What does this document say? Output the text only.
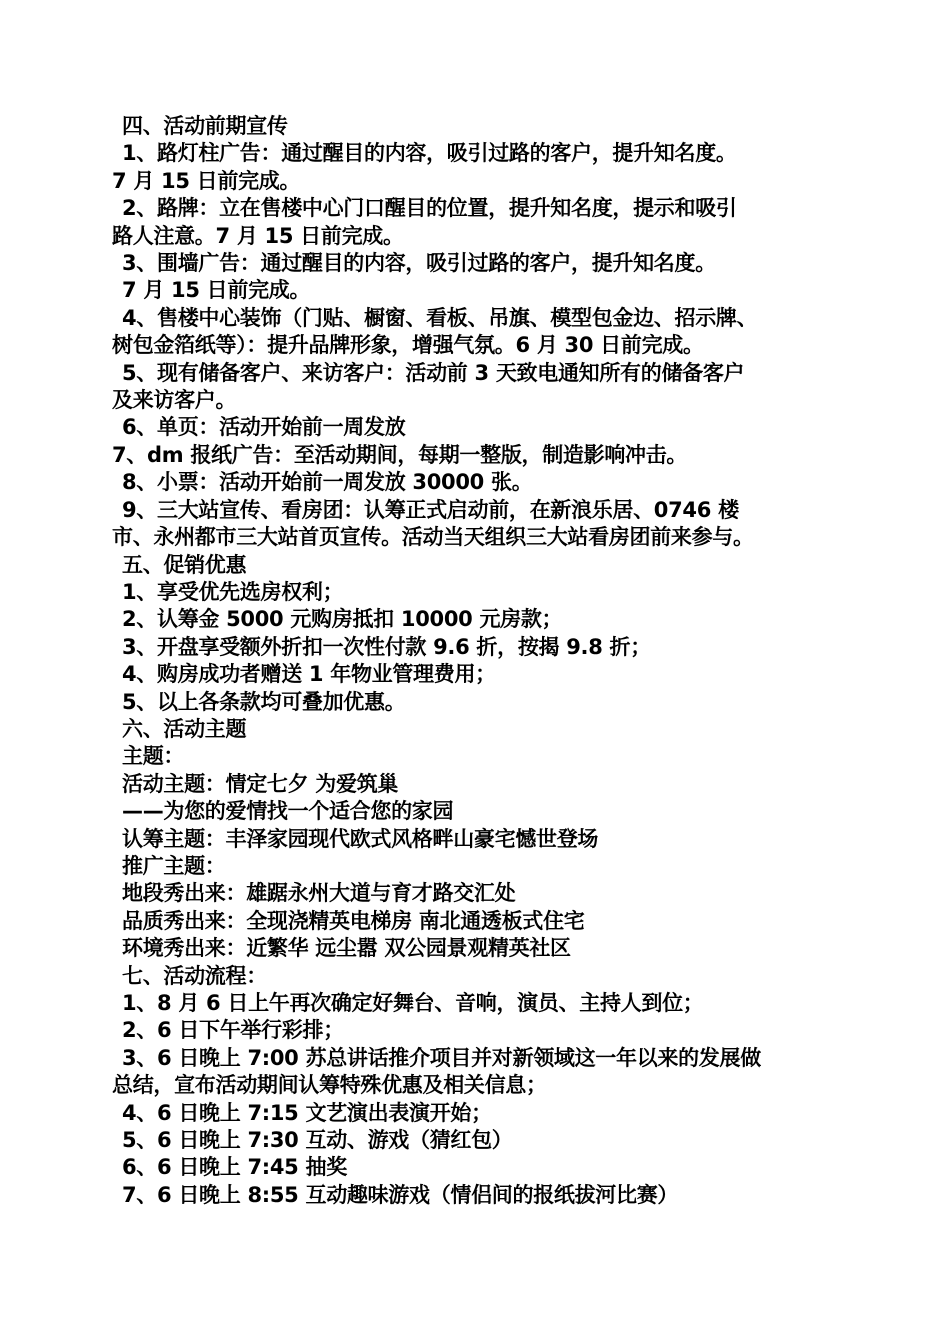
四、活动前期宣传
1、路灯柱广告：通过醒目的内容，吸引过路的客户，提升知名度。
7 月 15 日前完成。
2、路牌：立在售楼中心门口醒目的位置，提升知名度，提示和吸引
路人注意。7 月 15 日前完成。
3、围墙广告：通过醒目的内容，吸引过路的客户，提升知名度。
7 月 15 日前完成。
4、售楼中心装饰（门贴、橱窗、看板、吊旗、模型包金边、招示牌、
树包金箔纸等）：提升品牌形象，增强气氛。6 月 30 日前完成。
5、现有储备客户、来访客户：活动前 3 天致电通知所有的储备客户
及来访客户。
6、单页：活动开始前一周发放
7、dm 报纸广告：至活动期间，每期一整版，制造影响冲击。
8、小票：活动开始前一周发放 30000 张。
9、三大站宣传、看房团：认筹正式启动前，在新浪乐居、0746 楼
市、永州都市三大站首页宣传。活动当天组织三大站看房团前来参与。
五、促销优惠
1、享受优先选房权利；
2、认筹金 5000 元购房抵扣 10000 元房款；
3、开盘享受额外折扣一次性付款 9.6 折，按揭 9.8 折；
4、购房成功者赠送 1 年物业管理费用；
5、以上各条款均可叠加优惠。
六、活动主题
主题：
活动主题：情定七夕 为爱筑巢
——为您的爱情找一个适合您的家园
认筹主题：丰泽家园现代欧式风格畔山豪宅憾世登场
推广主题：
地段秀出来：雄踞永州大道与育才路交汇处
品质秀出来：全现浇精英电梯房 南北通透板式住宅
环境秀出来：近繁华 远尘嚣 双公园景观精英社区
七、活动流程：
1、8 月 6 日上午再次确定好舞台、音响，演员、主持人到位；
2、6 日下午举行彩排；
3、6 日晚上 7:00 苏总讲话推介项目并对新领域这一年以来的发展做
总结，宣布活动期间认筹特殊优惠及相关信息；
4、6 日晚上 7:15 文艺演出表演开始；
5、6 日晚上 7:30 互动、游戏（猜红包）
6、6 日晚上 7:45 抽奖
7、6 日晚上 8:55 互动趣味游戏（情侣间的报纸拔河比赛）
